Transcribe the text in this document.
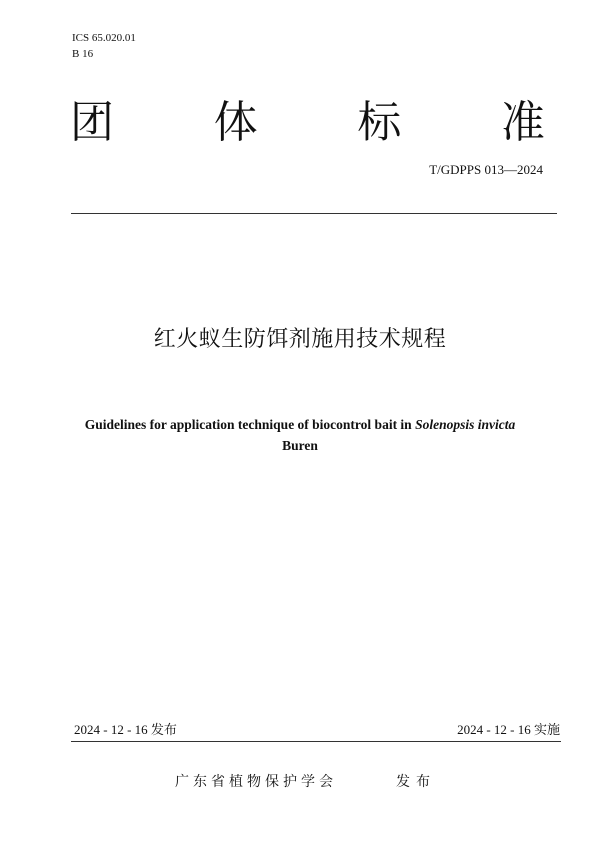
ICS 65.020.01
B 16
团 体 标 准
T/GDPPS 013—2024
红火蚁生防饵剂施用技术规程
Guidelines for application technique of biocontrol bait in Solenopsis invicta
Buren
2024 - 12 - 16 发布	2024 - 12 - 16 实施
广东省植物保护学会	发布
